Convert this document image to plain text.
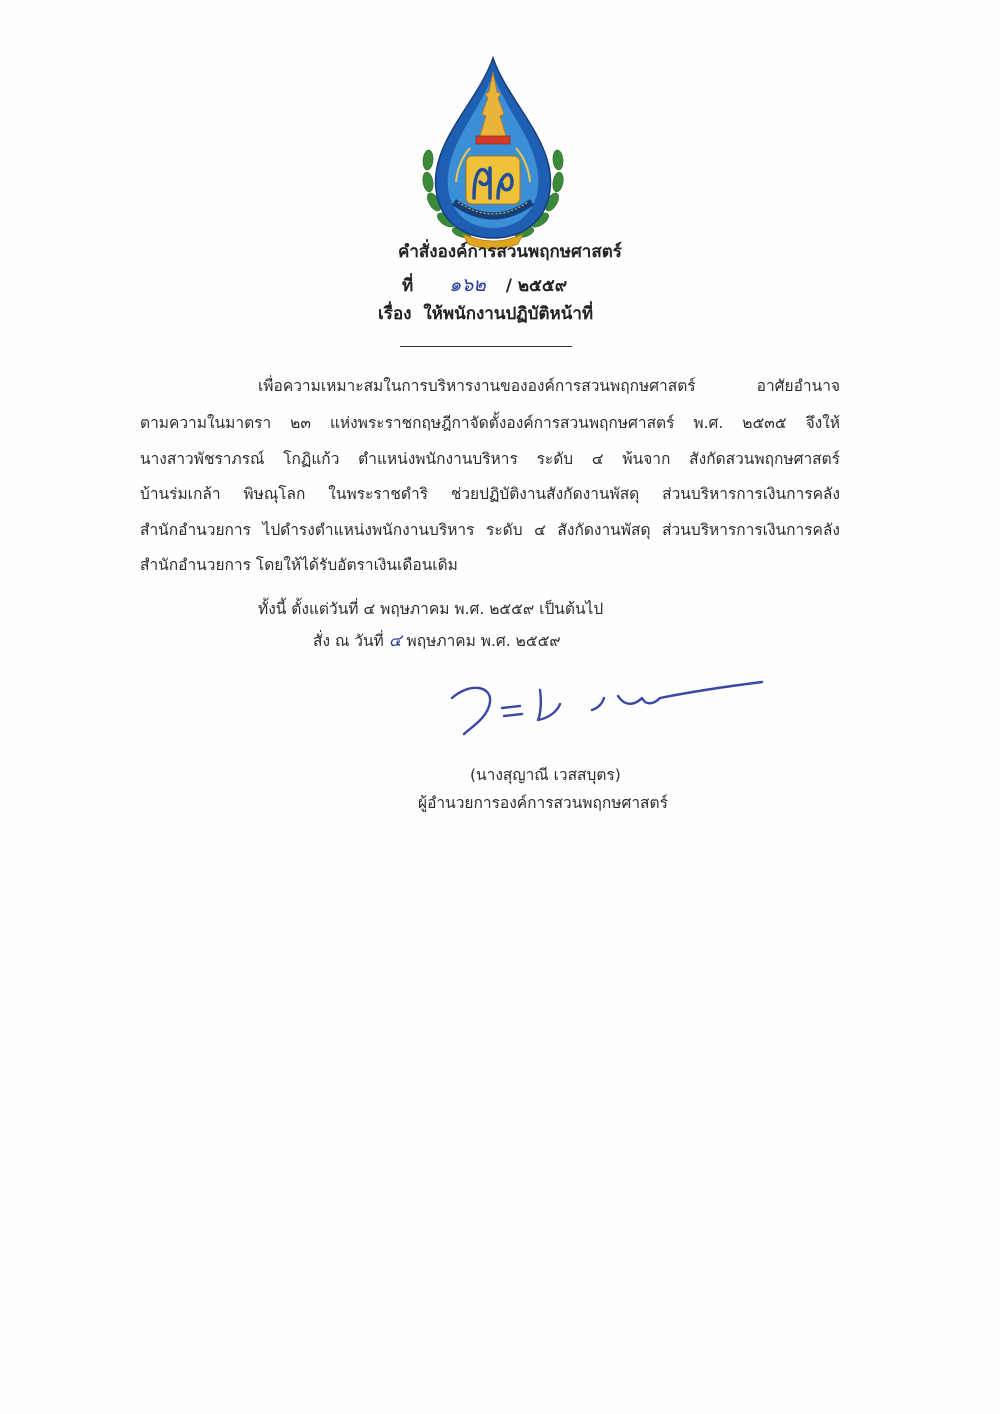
คำสั่งองค์การสวนพฤกษศาสตร์
ที่ ๑๖๒ / ๒๕๕๙
เรื่อง ให้พนักงานปฏิบัติหน้าที่
เพื่อความเหมาะสมในการบริหารงานขององค์การสวนพฤกษศาสตร์ อาศัยอำนาจ
ตามความในมาตรา ๒๓ แห่งพระราชกฤษฎีกาจัดตั้งองค์การสวนพฤกษศาสตร์ พ.ศ. ๒๕๓๕ จึงให้
นางสาวพัชราภรณ์ โกฏิแก้ว ตำแหน่งพนักงานบริหาร ระดับ ๔ พ้นจาก สังกัดสวนพฤกษศาสตร์
บ้านร่มเกล้า พิษณุโลก ในพระราชดำริ ช่วยปฏิบัติงานสังกัดงานพัสดุ ส่วนบริหารการเงินการคลัง
สำนักอำนวยการ ไปดำรงตำแหน่งพนักงานบริหาร ระดับ ๔ สังกัดงานพัสดุ ส่วนบริหารการเงินการคลัง
สำนักอำนวยการ โดยให้ได้รับอัตราเงินเดือนเดิม
ทั้งนี้ ตั้งแต่วันที่ ๔ พฤษภาคม พ.ศ. ๒๕๕๙ เป็นต้นไป
สั่ง ณ วันที่ ๔ พฤษภาคม พ.ศ. ๒๕๕๙
(นางสุญาณี เวสสบุตร)
ผู้อำนวยการองค์การสวนพฤกษศาสตร์
